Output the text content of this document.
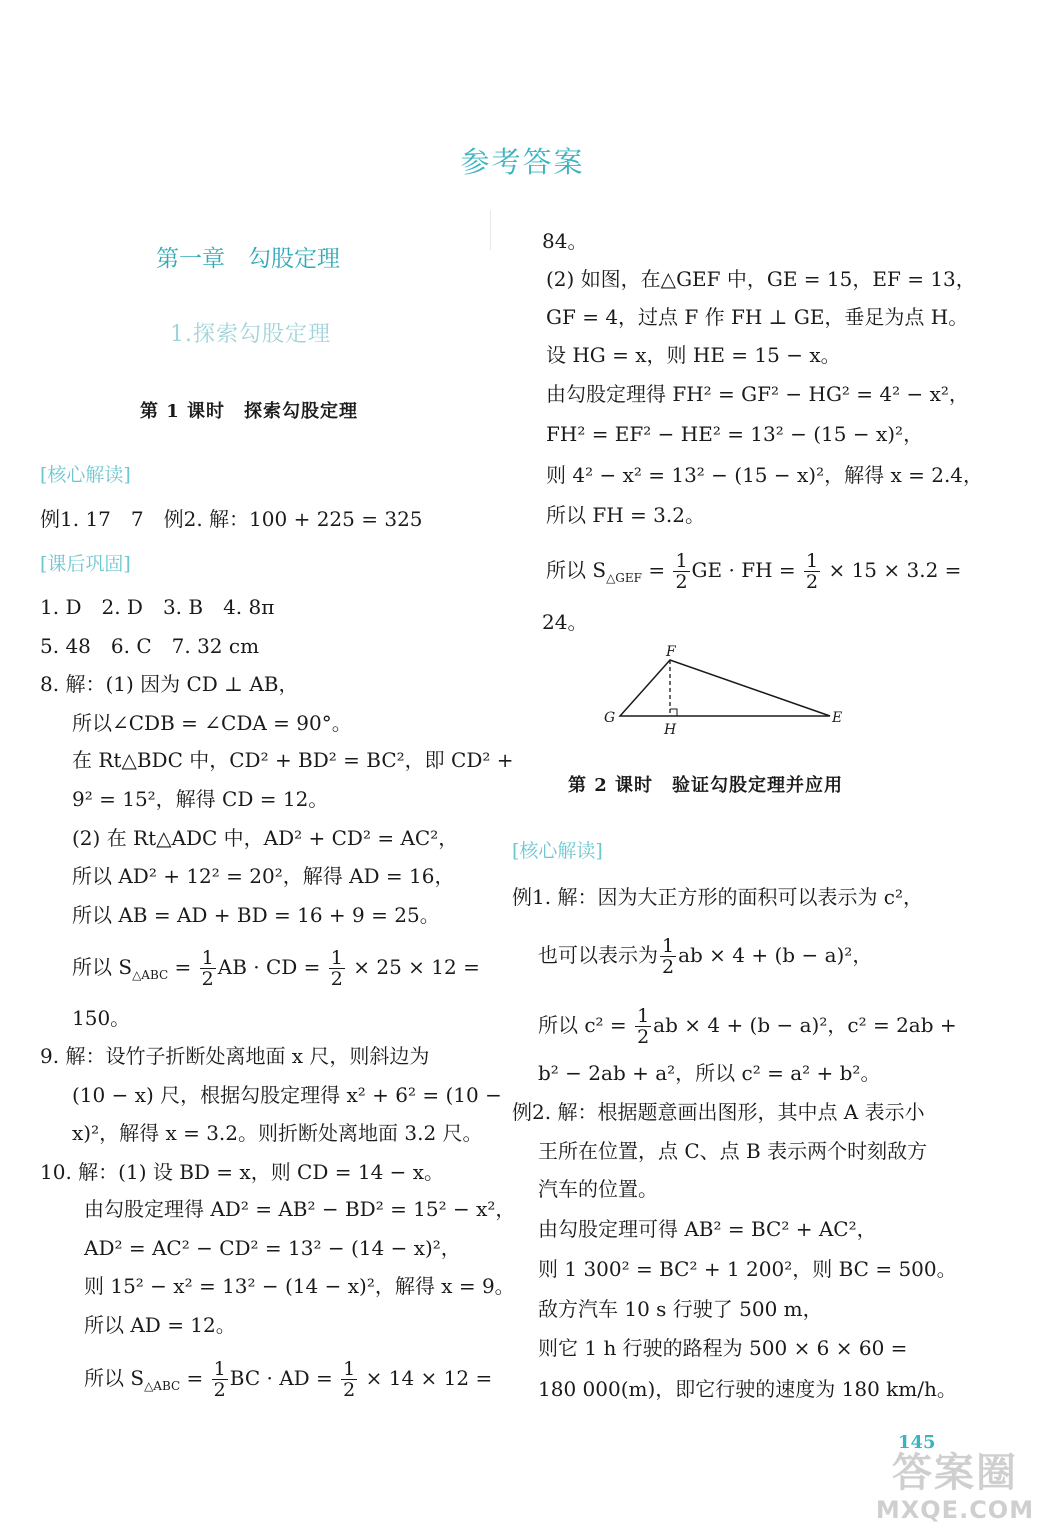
参考答案
第一章　勾股定理
1.探索勾股定理
第 1 课时　探索勾股定理
[核心解读]
例1. 17　7　例2. 解：100 + 225 = 325
[课后巩固]
1. D　2. D　3. B　4. 8π
5. 48　6. C　7. 32 cm
8. 解：(1) 因为 CD ⊥ AB，
所以∠CDB = ∠CDA = 90°。
在 Rt△BDC 中，CD² + BD² = BC²，即 CD² +
9² = 15²，解得 CD = 12。
(2) 在 Rt△ADC 中，AD² + CD² = AC²，
所以 AD² + 12² = 20²，解得 AD = 16，
所以 AB = AD + BD = 16 + 9 = 25。
所以 $S_{\triangle ABC} = \frac{1}{2}$ AB · CD = $\frac{1}{2} \times 25 \times 12$ =
150。
9. 解：设竹子折断处离地面 x 尺，则斜边为
(10 − x) 尺，根据勾股定理得 x² + 6² = (10 −
x)²，解得 x = 3.2。则折断处离地面 3.2 尺。
10. 解：(1) 设 BD = x，则 CD = 14 − x。
由勾股定理得 AD² = AB² − BD² = 15² − x²，
AD² = AC² − CD² = 13² − (14 − x)²，
则 15² − x² = 13² − (14 − x)²，解得 x = 9。
所以 AD = 12。
所以 $S_{\triangle ABC} = \frac{1}{2}$ BC · AD = $\frac{1}{2} \times 14 \times 12$ =
84。
(2) 如图，在△GEF 中，GE = 15，EF = 13，
GF = 4，过点 F 作 FH ⊥ GE，垂足为点 H。
设 HG = x，则 HE = 15 − x。
由勾股定理得 FH² = GF² − HG² = 4² − x²，
FH² = EF² − HE² = 13² − (15 − x)²，
则 4² − x² = 13² − (15 − x)²，解得 x = 2.4，
所以 FH = 3.2。
所以 $S_{\triangle GEF} = \frac{1}{2}$ GE · FH = $\frac{1}{2} \times 15 \times 3.2$ =
24。
第 2 课时　验证勾股定理并应用
[核心解读]
例1. 解：因为大正方形的面积可以表示为 c²，
也可以表示为 $\frac{1}{2}$ ab × 4 + (b − a)²，
所以 $c^2 = \frac{1}{2}$ ab × 4 + (b − a)²，c² = 2ab +
b² − 2ab + a²，所以 c² = a² + b²。
例2. 解：根据题意画出图形，其中点 A 表示小
王所在位置，点 C、点 B 表示两个时刻敌方
汽车的位置。
由勾股定理可得 AB² = BC² + AC²，
则 1 300² = BC² + 1 200²，则 BC = 500。
敌方汽车 10 s 行驶了 500 m，
则它 1 h 行驶的路程为 500 × 6 × 60 =
180 000(m)，即它行驶的速度为 180 km/h。
F
G
H
E
145
答案圈
MXQE.COM
